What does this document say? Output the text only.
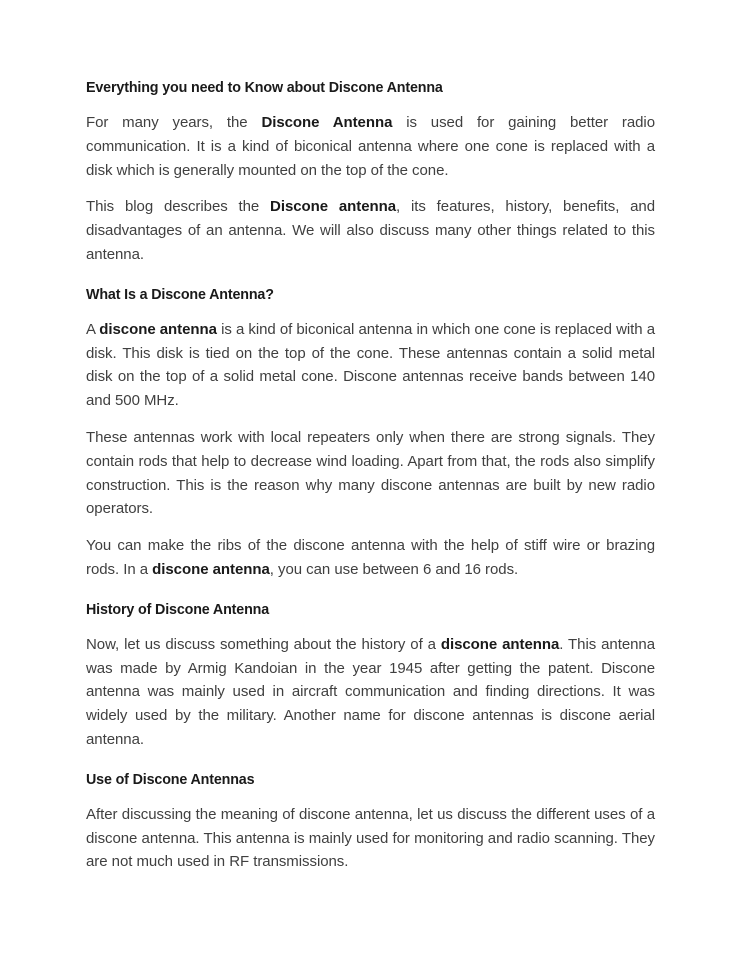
Everything you need to Know about Discone Antenna

For many years, the Discone Antenna is used for gaining better radio communication. It is a kind of biconical antenna where one cone is replaced with a disk which is generally mounted on the top of the cone.

This blog describes the Discone antenna, its features, history, benefits, and disadvantages of an antenna. We will also discuss many other things related to this antenna.

What Is a Discone Antenna?

A discone antenna is a kind of biconical antenna in which one cone is replaced with a disk. This disk is tied on the top of the cone. These antennas contain a solid metal disk on the top of a solid metal cone. Discone antennas receive bands between 140 and 500 MHz.

These antennas work with local repeaters only when there are strong signals. They contain rods that help to decrease wind loading. Apart from that, the rods also simplify construction. This is the reason why many discone antennas are built by new radio operators.

You can make the ribs of the discone antenna with the help of stiff wire or brazing rods. In a discone antenna, you can use between 6 and 16 rods.

History of Discone Antenna

Now, let us discuss something about the history of a discone antenna. This antenna was made by Armig Kandoian in the year 1945 after getting the patent. Discone antenna was mainly used in aircraft communication and finding directions. It was widely used by the military. Another name for discone antennas is discone aerial antenna.

Use of Discone Antennas

After discussing the meaning of discone antenna, let us discuss the different uses of a discone antenna. This antenna is mainly used for monitoring and radio scanning. They are not much used in RF transmissions.
